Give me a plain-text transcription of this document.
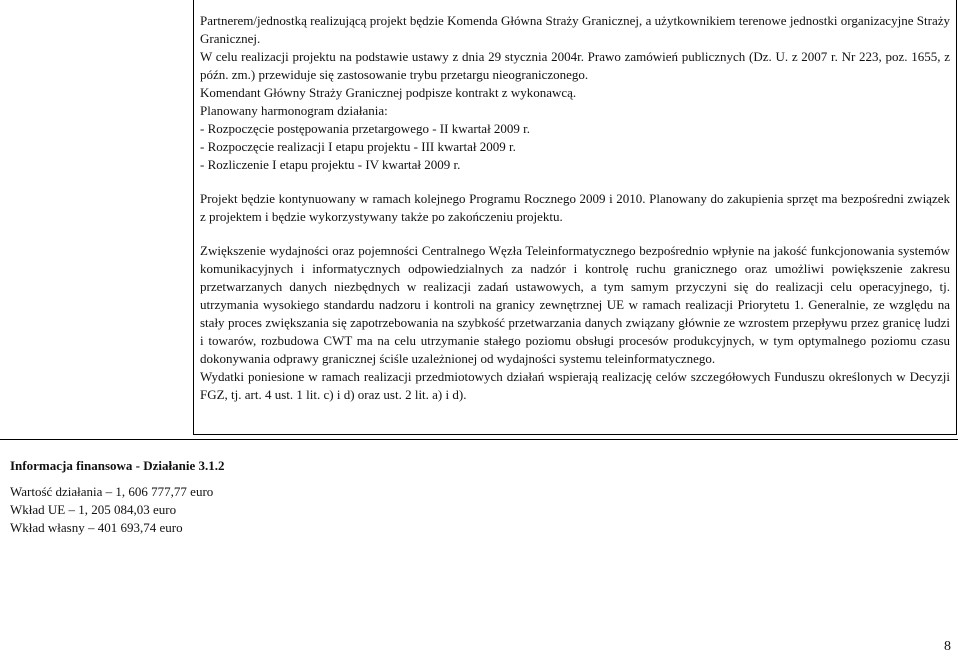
Partnerem/jednostką realizującą projekt będzie Komenda Główna Straży Granicznej, a użytkownikiem terenowe jednostki organizacyjne Straży Granicznej.

W celu realizacji projektu na podstawie ustawy z dnia 29 stycznia 2004r. Prawo zamówień publicznych (Dz. U. z 2007 r. Nr 223, poz. 1655, z późn. zm.) przewiduje się zastosowanie trybu przetargu nieograniczonego.

Komendant Główny Straży Granicznej podpisze kontrakt z wykonawcą.

Planowany harmonogram działania:

- Rozpoczęcie postępowania przetargowego - II kwartał 2009 r.

- Rozpoczęcie realizacji I etapu projektu - III kwartał 2009 r.

- Rozliczenie I etapu projektu - IV kwartał 2009 r.

Projekt będzie kontynuowany w ramach kolejnego Programu Rocznego 2009 i 2010. Planowany do zakupienia sprzęt ma bezpośredni związek z projektem i będzie wykorzystywany także po zakończeniu projektu.

Zwiększenie wydajności oraz pojemności Centralnego Węzła Teleinformatycznego bezpośrednio wpłynie na jakość funkcjonowania systemów komunikacyjnych i informatycznych odpowiedzialnych za nadzór i kontrolę ruchu granicznego oraz umożliwi powiększenie zakresu przetwarzanych danych niezbędnych w realizacji zadań ustawowych, a tym samym przyczyni się do realizacji celu operacyjnego, tj. utrzymania wysokiego standardu nadzoru i kontroli na granicy zewnętrznej UE w ramach realizacji Priorytetu 1. Generalnie, ze względu na stały proces zwiększania się zapotrzebowania na szybkość przetwarzania danych związany głównie ze wzrostem przepływu przez granicę ludzi i towarów, rozbudowa CWT ma na celu utrzymanie stałego poziomu obsługi procesów produkcyjnych, w tym optymalnego poziomu czasu dokonywania odprawy granicznej ściśle uzależnionej od wydajności systemu teleinformatycznego.

Wydatki poniesione w ramach realizacji przedmiotowych działań wspierają realizację celów szczegółowych Funduszu określonych w Decyzji FGZ, tj. art. 4 ust. 1 lit. c) i d) oraz ust. 2 lit. a) i d).

Informacja finansowa - Działanie 3.1.2

Wartość działania – 1, 606 777,77 euro

Wkład UE – 1, 205 084,03 euro

Wkład własny – 401 693,74 euro

8
